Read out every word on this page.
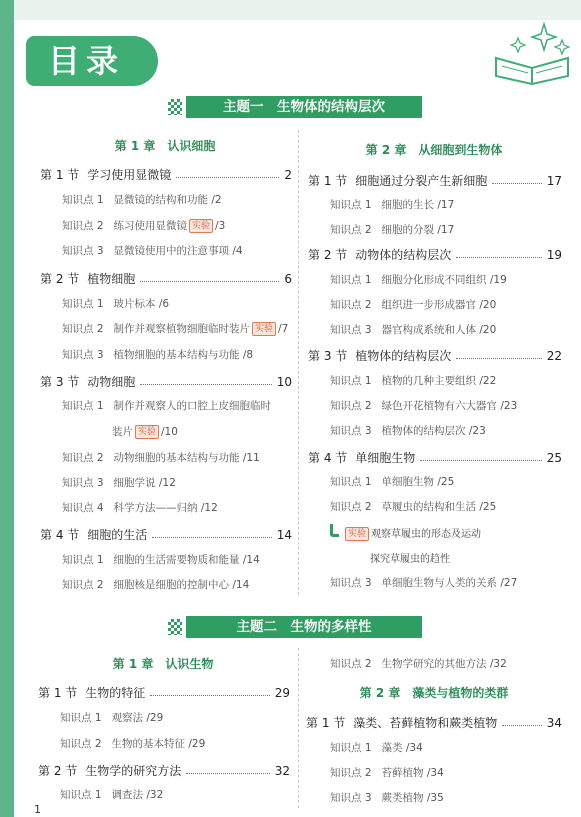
目录
主题一　生物体的结构层次
第 1 章　认识细胞
第 1 节 学习使用显微镜	2
知识点 1 显微镜的结构和功能 /2
知识点 2 练习使用显微镜 实验 /3
知识点 3 显微镜使用中的注意事项 /4
第 2 节 植物细胞	6
知识点 1 玻片标本 /6
知识点 2 制作并观察植物细胞临时装片 实验 /7
知识点 3 植物细胞的基本结构与功能 /8
第 3 节 动物细胞	10
知识点 1 制作并观察人的口腔上皮细胞临时
装片 实验 /10
知识点 2 动物细胞的基本结构与功能 /11
知识点 3 细胞学说 /12
知识点 4 科学方法——归纳 /12
第 4 节 细胞的生活	14
知识点 1 细胞的生活需要物质和能量 /14
知识点 2 细胞核是细胞的控制中心 /14
第 2 章　从细胞到生物体
第 1 节 细胞通过分裂产生新细胞	17
知识点 1 细胞的生长 /17
知识点 2 细胞的分裂 /17
第 2 节 动物体的结构层次	19
知识点 1 细胞分化形成不同组织 /19
知识点 2 组织进一步形成器官 /20
知识点 3 器官构成系统和人体 /20
第 3 节 植物体的结构层次	22
知识点 1 植物的几种主要组织 /22
知识点 2 绿色开花植物有六大器官 /23
知识点 3 植物体的结构层次 /23
第 4 节 单细胞生物	25
知识点 1 单细胞生物 /25
知识点 2 草履虫的结构和生活 /25
实验 观察草履虫的形态及运动
探究草履虫的趋性
知识点 3 单细胞生物与人类的关系 /27
主题二　生物的多样性
第 1 章　认识生物
第 1 节 生物的特征	29
知识点 1 观察法 /29
知识点 2 生物的基本特征 /29
第 2 节 生物学的研究方法	32
知识点 1 调查法 /32
知识点 2 生物学研究的其他方法 /32
第 2 章　藻类与植物的类群
第 1 节 藻类、苔藓植物和蕨类植物	34
知识点 1 藻类 /34
知识点 2 苔藓植物 /34
知识点 3 蕨类植物 /35
1
